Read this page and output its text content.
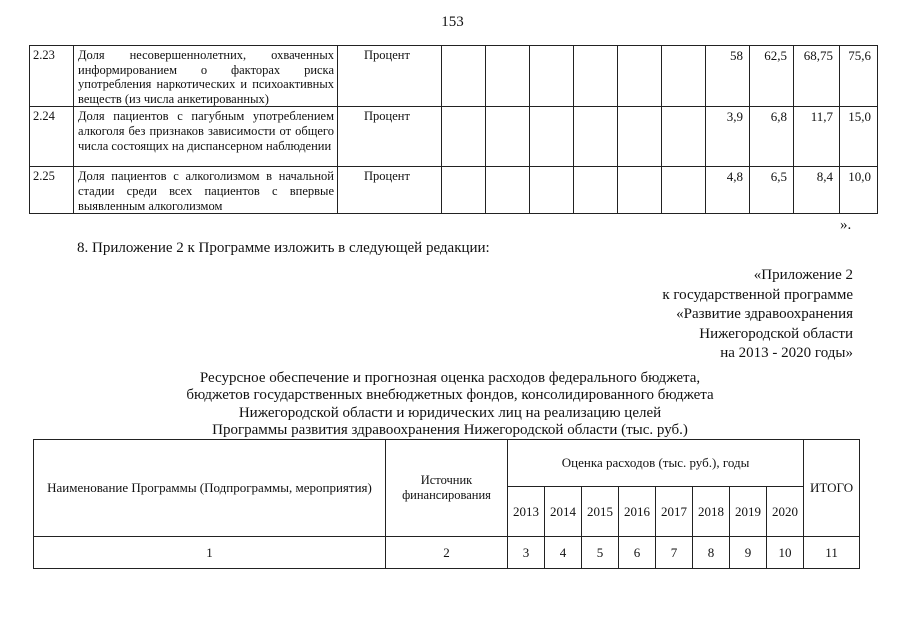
153
2.23	Доля несовершеннолетних, охваченных информированием о факторах риска употребления наркотических и психоактивных веществ (из числа анкетированных)	Процент							58	62,5	68,75	75,6
2.24	Доля пациентов с пагубным употреблением алкоголя без признаков зависимости от общего числа состоящих на диспансерном наблюдении	Процент							3,9	6,8	11,7	15,0
2.25	Доля пациентов с алкоголизмом в начальной стадии среди всех пациентов с впервые выявленным алкоголизмом	Процент							4,8	6,5	8,4	10,0
».
8. Приложение 2 к Программе изложить в следующей редакции:
«Приложение 2
к государственной программе
«Развитие здравоохранения
Нижегородской области
на 2013 - 2020 годы»
Ресурсное обеспечение и прогнозная оценка расходов федерального бюджета,
бюджетов государственных внебюджетных фондов, консолидированного бюджета
Нижегородской области и юридических лиц на реализацию целей
Программы развития здравоохранения Нижегородской области (тыс. руб.)
Наименование Программы (Подпрограммы, мероприятия)	Источник финансирования	Оценка расходов (тыс. руб.), годы								ИТОГО
		2013	2014	2015	2016	2017	2018	2019	2020	
1	2	3	4	5	6	7	8	9	10	11
